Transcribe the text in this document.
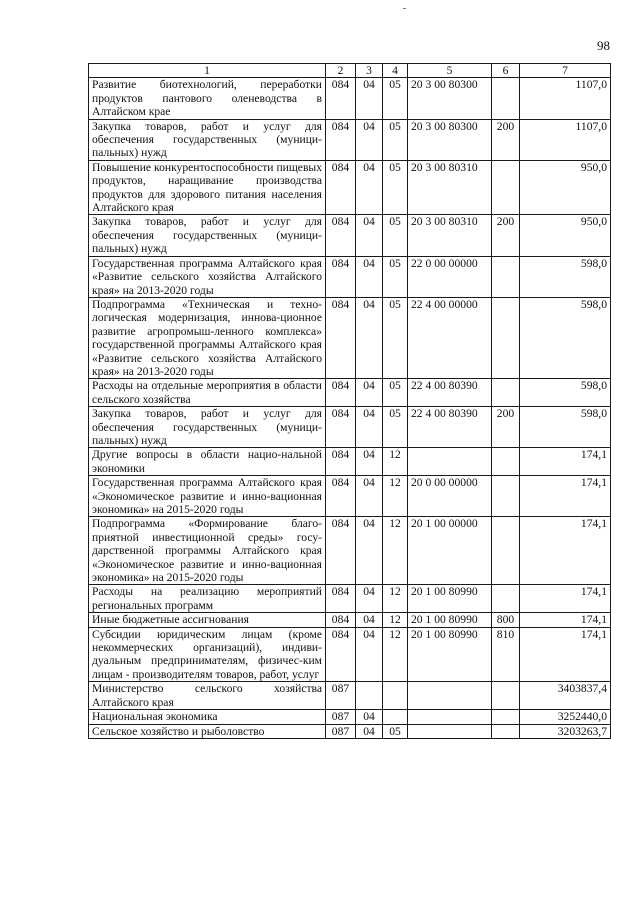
98
1	2	3	4	5	6	7
Развитие биотехнологий, переработки продуктов пантового оленеводства в Алтайском крае	084	04	05	20 3 00 80300		1107,0
Закупка товаров, работ и услуг для обеспечения государственных (муници-пальных) нужд	084	04	05	20 3 00 80300	200	1107,0
Повышение конкурентоспособности пищевых продуктов, наращивание производства продуктов для здорового питания населения Алтайского края	084	04	05	20 3 00 80310		950,0
Закупка товаров, работ и услуг для обеспечения государственных (муници-пальных) нужд	084	04	05	20 3 00 80310	200	950,0
Государственная программа Алтайского края «Развитие сельского хозяйства Алтайского края» на 2013-2020 годы	084	04	05	22 0 00 00000		598,0
Подпрограмма «Техническая и техно-логическая модернизация, иннова-ционное развитие агропромыш-ленного комплекса» государственной программы Алтайского края «Развитие сельского хозяйства Алтайского края» на 2013-2020 годы	084	04	05	22 4 00 00000		598,0
Расходы на отдельные мероприятия в области сельского хозяйства	084	04	05	22 4 00 80390		598,0
Закупка товаров, работ и услуг для обеспечения государственных (муници-пальных) нужд	084	04	05	22 4 00 80390	200	598,0
Другие вопросы в области нацио-нальной экономики	084	04	12			174,1
Государственная программа Алтайского края «Экономическое развитие и инно-вационная экономика» на 2015-2020 годы	084	04	12	20 0 00 00000		174,1
Подпрограмма «Формирование благо-приятной инвестиционной среды» госу-дарственной программы Алтайского края «Экономическое развитие и инно-вационная экономика» на 2015-2020 годы	084	04	12	20 1 00 00000		174,1
Расходы на реализацию мероприятий региональных программ	084	04	12	20 1 00 80990		174,1
Иные бюджетные ассигнования	084	04	12	20 1 00 80990	800	174,1
Субсидии юридическим лицам (кроме некоммерческих организаций), индиви-дуальным предпринимателям, физичес-ким лицам - производителям товаров, работ, услуг	084	04	12	20 1 00 80990	810	174,1
Министерство сельского хозяйства Алтайского края	087					3403837,4
Национальная экономика	087	04				3252440,0
Сельское хозяйство и рыболовство	087	04	05			3203263,7
